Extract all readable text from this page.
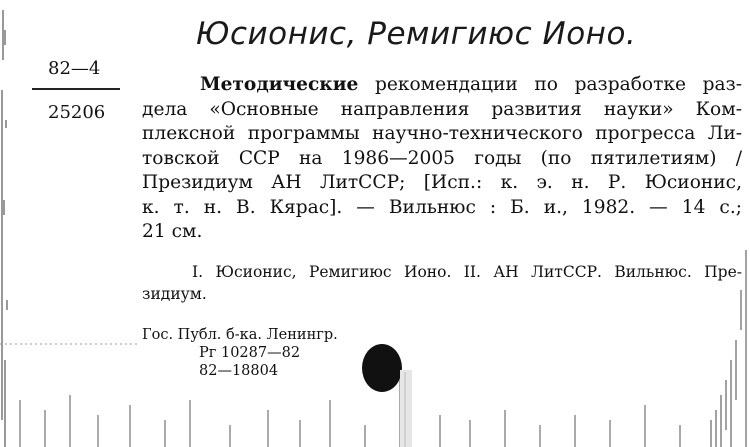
Юсионис, Ремигиюс Ионо.
82—4
25206

Методические рекомендации по разработке раз-
дела «Основные направления развития науки» Ком-
плексной программы научно-технического прогресса Ли-
товской ССР на 1986—2005 годы (по пятилетиям) /
Президиум АН ЛитССР; [Исп.: к. э. н. Р. Юсионис,
к. т. н. В. Кярас]. — Вильнюс : Б. и., 1982. — 14 с.;
21 см.

I. Юсионис, Ремигиюс Ионо. II. АН ЛитССР. Вильнюс. Пре-
зидиум.

Гос. Публ. б-ка. Ленингр.
Рг 10287—82
82—18804
